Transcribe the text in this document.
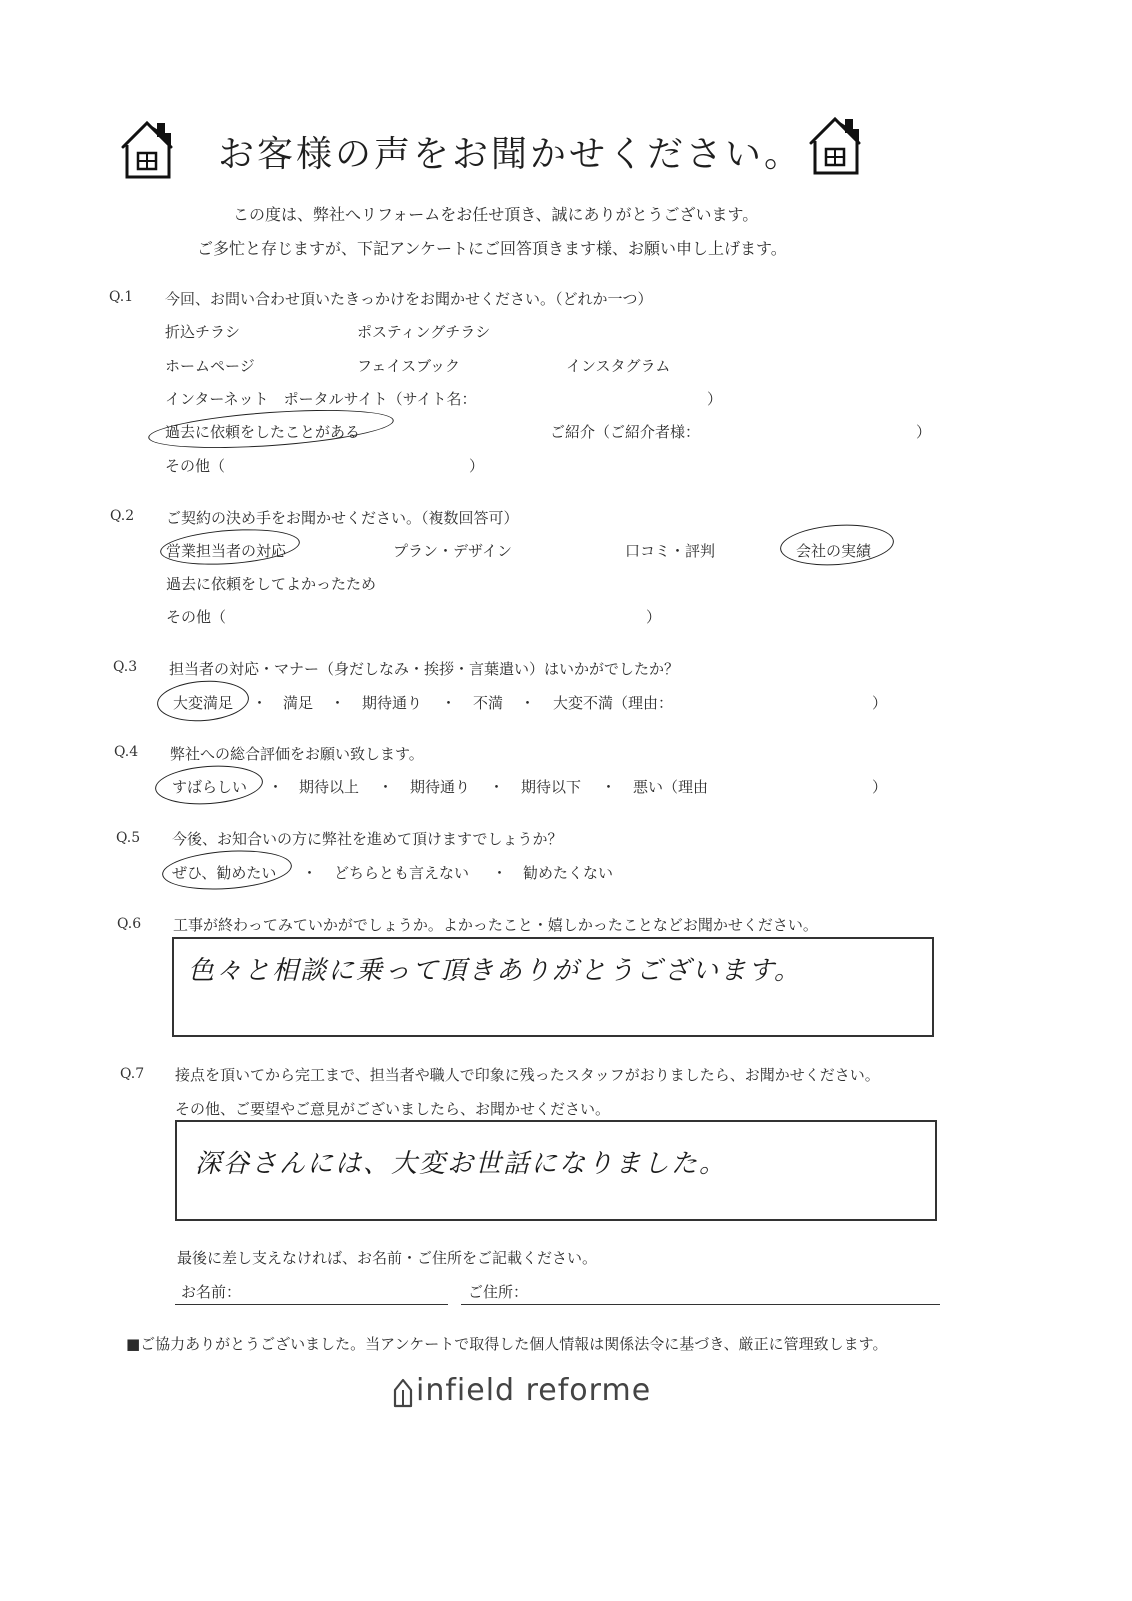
お客様の声をお聞かせください。
この度は、弊社へリフォームをお任せ頂き、誠にありがとうございます。
ご多忙と存じますが、下記アンケートにご回答頂きます様、お願い申し上げます。
Q.1 今回、お問い合わせ頂いたきっかけをお聞かせください。（どれか一つ）
折込チラシ	ポスティングチラシ
ホームページ	フェイスブック	インスタグラム
インターネット　ポータルサイト（サイト名：	）
過去に依頼をしたことがある	ご紹介（ご紹介者様：	）
その他（	）
Q.2 ご契約の決め手をお聞かせください。（複数回答可）
営業担当者の対応	プラン・デザイン	口コミ・評判	会社の実績
過去に依頼をしてよかったため
その他（	）
Q.3 担当者の対応・マナー（身だしなみ・挨拶・言葉遣い）はいかがでしたか？
大変満足 ・ 満足 ・ 期待通り ・ 不満 ・ 大変不満（理由：	）
Q.4 弊社への総合評価をお願い致します。
すばらしい ・ 期待以上 ・ 期待通り ・ 期待以下 ・ 悪い（理由	）
Q.5 今後、お知合いの方に弊社を進めて頂けますでしょうか？
ぜひ、勧めたい ・ どちらとも言えない ・ 勧めたくない
Q.6 工事が終わってみていかがでしょうか。よかったこと・嬉しかったことなどお聞かせください。
色々と相談に乗って頂きありがとうございます。
Q.7 接点を頂いてから完工まで、担当者や職人で印象に残ったスタッフがおりましたら、お聞かせください。
その他、ご要望やご意見がございましたら、お聞かせください。
深谷さんには、大変お世話になりました。
最後に差し支えなければ、お名前・ご住所をご記載ください。
お名前：	ご住所：
■ご協力ありがとうございました。当アンケートで取得した個人情報は関係法令に基づき、厳正に管理致します。
infield reforme
